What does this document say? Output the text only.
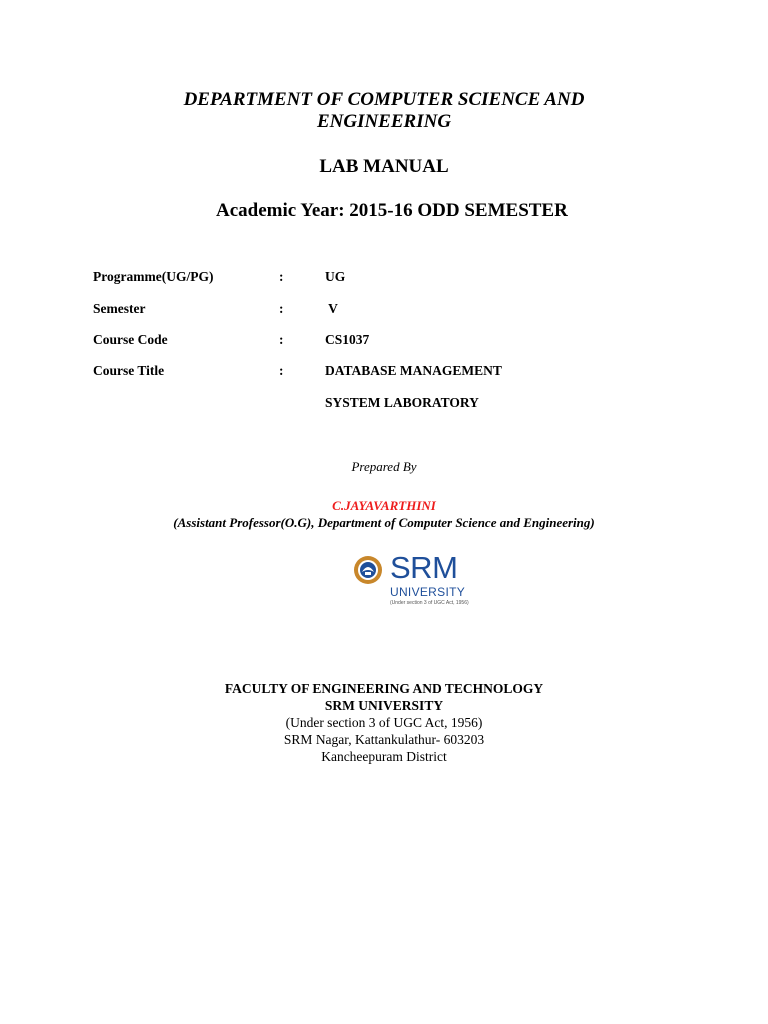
DEPARTMENT OF COMPUTER SCIENCE AND
ENGINEERING
LAB MANUAL
Academic Year: 2015-16 ODD SEMESTER
Programme(UG/PG)	:	UG
Semester	:	V
Course Code	:	CS1037
Course Title	:	DATABASE MANAGEMENT
SYSTEM LABORATORY
Prepared By
C.JAYAVARTHINI
(Assistant Professor(O.G), Department of Computer Science and Engineering)
SRM
UNIVERSITY
(Under section 3 of UGC Act, 1956)
FACULTY OF ENGINEERING AND TECHNOLOGY
SRM UNIVERSITY
(Under section 3 of UGC Act, 1956)
SRM Nagar, Kattankulathur- 603203
Kancheepuram District
